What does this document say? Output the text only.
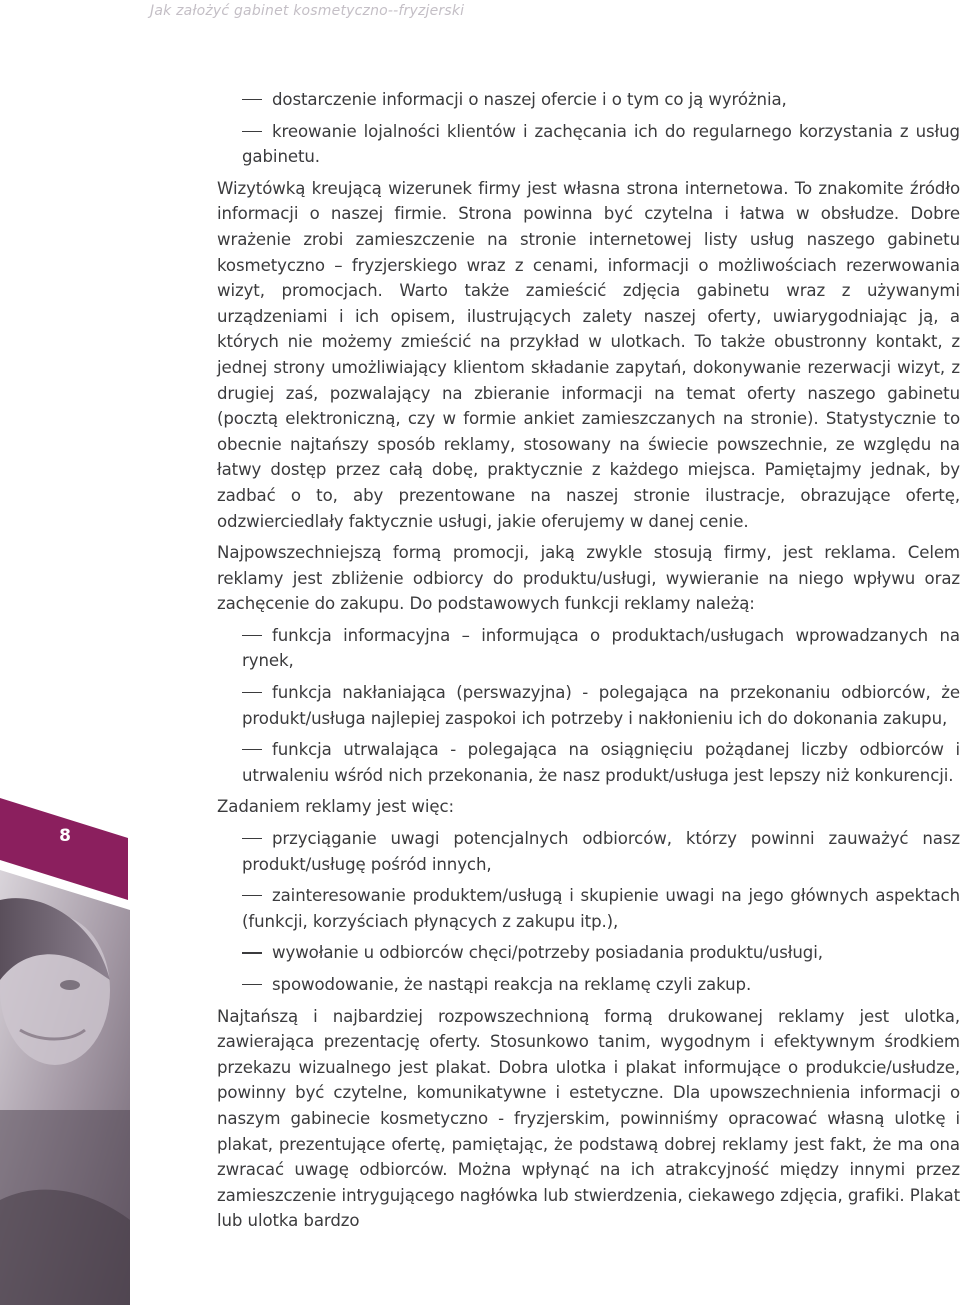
Jak założyć gabinet kosmetyczno--fryzjerski
8
dostarczenie informacji o naszej ofercie i o tym co ją wyróżnia,
kreowanie lojalności klientów i zachęcania ich do regularnego korzystania z usług gabinetu.

Wizytówką kreującą wizerunek firmy jest własna strona internetowa. To znakomite źródło informacji o naszej firmie. Strona powinna być czytelna i łatwa w obsłudze. Dobre wrażenie zrobi zamieszczenie na stronie internetowej listy usług naszego gabinetu kosmetyczno – fryzjerskiego wraz z cenami, informacji o możliwościach rezerwowania wizyt, promocjach. Warto także zamieścić zdjęcia gabinetu wraz z używanymi urządzeniami i ich opisem, ilustrujących zalety naszej oferty, uwiarygodniając ją, a których nie możemy zmieścić na przykład w ulotkach. To także obustronny kontakt, z jednej strony umożliwiający klientom składanie zapytań, dokonywanie rezerwacji wizyt, z drugiej zaś, pozwalający na zbieranie informacji na temat oferty naszego gabinetu (pocztą elektroniczną, czy w formie ankiet zamieszczanych na stronie). Statystycznie to obecnie najtańszy sposób reklamy, stosowany na świecie powszechnie, ze względu na łatwy dostęp przez całą dobę, praktycznie z każdego miejsca. Pamiętajmy jednak, by zadbać o to, aby prezentowane na naszej stronie ilustracje, obrazujące ofertę, odzwierciedlały faktycznie usługi, jakie oferujemy w danej cenie.

Najpowszechniejszą formą promocji, jaką zwykle stosują firmy, jest reklama. Celem reklamy jest zbliżenie odbiorcy do produktu/usługi, wywieranie na niego wpływu oraz zachęcenie do zakupu. Do podstawowych funkcji reklamy należą:

funkcja informacyjna – informująca o produktach/usługach wprowadzanych na rynek,
funkcja nakłaniająca (perswazyjna) - polegająca na przekonaniu odbiorców, że produkt/usługa najlepiej zaspokoi ich potrzeby i nakłonieniu ich do dokonania zakupu,
funkcja utrwalająca - polegająca na osiągnięciu pożądanej liczby odbiorców i utrwaleniu wśród nich przekonania, że nasz produkt/usługa jest lepszy niż konkurencji.

Zadaniem reklamy jest więc:

przyciąganie uwagi potencjalnych odbiorców, którzy powinni zauważyć nasz produkt/usługę pośród innych,
zainteresowanie produktem/usługą i skupienie uwagi na jego głównych aspektach (funkcji, korzyściach płynących z zakupu itp.),
wywołanie u odbiorców chęci/potrzeby posiadania produktu/usługi,
spowodowanie, że nastąpi reakcja na reklamę czyli zakup.

Najtańszą i najbardziej rozpowszechnioną formą drukowanej reklamy jest ulotka, zawierająca prezentację oferty. Stosunkowo tanim, wygodnym i efektywnym środkiem przekazu wizualnego jest plakat. Dobra ulotka i plakat informujące o produkcie/usłudze, powinny być czytelne, komunikatywne i estetyczne. Dla upowszechnienia informacji o naszym gabinecie kosmetyczno - fryzjerskim, powinniśmy opracować własną ulotkę i plakat, prezentujące ofertę, pamiętając, że podstawą dobrej reklamy jest fakt, że ma ona zwracać uwagę odbiorców. Można wpłynąć na ich atrakcyjność między innymi przez zamieszczenie intrygującego nagłówka lub stwierdzenia, ciekawego zdjęcia, grafiki. Plakat lub ulotka bardzo
